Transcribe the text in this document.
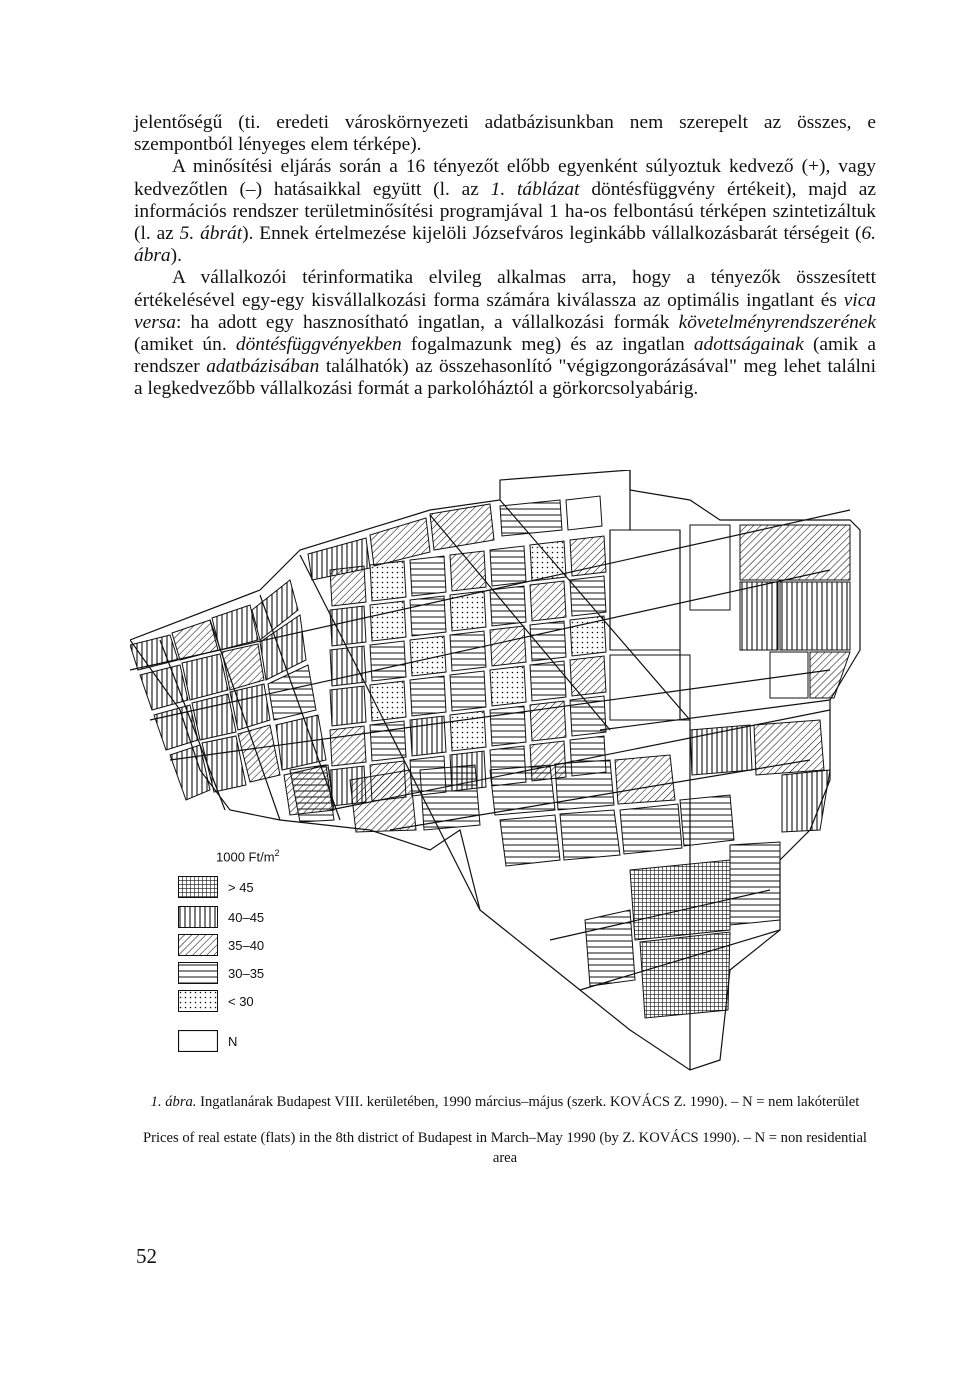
jelentőségű (ti. eredeti városkörnyezeti adatbázisunkban nem szerepelt az összes, e szempontból lényeges elem térképe).

A minősítési eljárás során a 16 tényezőt előbb egyenként súlyoztuk kedvező (+), vagy kedvezőtlen (–) hatásaikkal együtt (l. az 1. táblázat döntésfüggvény értékeit), majd az információs rendszer területminősítési programjával 1 ha-os felbontású térképen szintetizáltuk (l. az 5. ábrát). Ennek értelmezése kijelöli Józsefváros leginkább vállalkozásbarát térségeit (6. ábra).

A vállalkozói térinformatika elvileg alkalmas arra, hogy a tényezők összesített értékelésével egy-egy kisvállalkozási forma számára kiválassza az optimális ingatlant és vica versa: ha adott egy hasznosítható ingatlan, a vállalkozási formák követelményrendszerének (amiket ún. döntésfüggvényekben fogalmazunk meg) és az ingatlan adottságainak (amik a rendszer adatbázisában találhatók) az összehasonlító "végigzongorázásával" meg lehet találni a legkedvezőbb vállalkozási formát a parkolóháztól a görkorcsolyabárig.

1000 $Ft/m^2$
> 45
40–45
35–40
30–35
< 30
N

1. ábra. Ingatlanárak Budapest VIII. kerületében, 1990 március–május (szerk. KOVÁCS Z. 1990). – N = nem lakóterület

Prices of real estate (flats) in the 8th district of Budapest in March–May 1990 (by Z. KOVÁCS 1990). – N = non residential area

52
